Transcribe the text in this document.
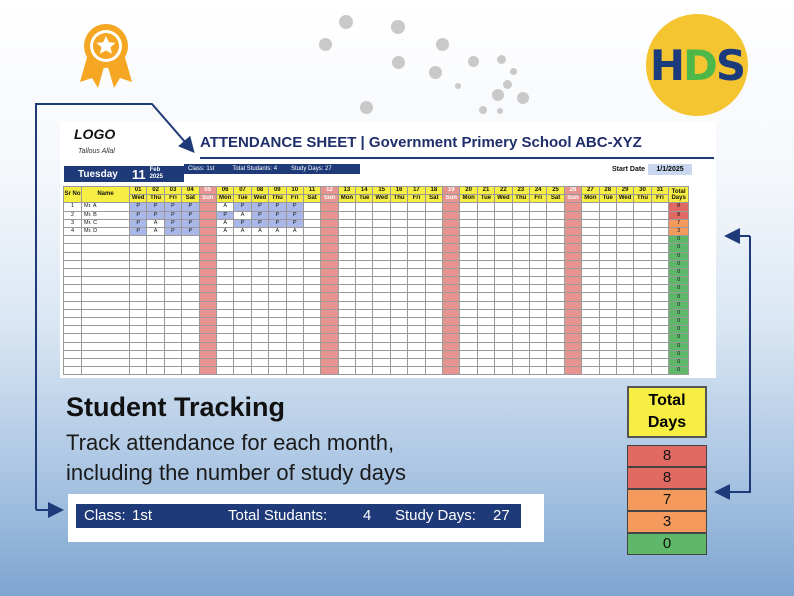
HDS
LOGO
Tallous Allal
ATTENDANCE SHEET | Government Primery School ABC-XYZ
Tuesday 11 Feb
2025
Class: 1st	Total Studants: 4 Study Days: 27	Start Date	1/1/2025
Sr No	Name	01	02	03	04	05	06	07	08	09	10	11	12	13	14	15	16	17	18	19	20	21	22	23	24	25	26	27	28	29	30	31	Total
Days
		Wed	Thu	Fri	Sat	Sun	Mon	Tue	Wed	Thu	Fri	Sat	Sun	Mon	Tue	Wed	Thu	Fri	Sat	Sun	Mon	Tue	Wed	Thu	Fri	Sat	Sun	Mon	Tue	Wed	Thu	Fri	
1	Mr. A	P	P	P	P		A	P	P	P	P																						8
2	Mr. B	P	P	P	P		P	A	P	P	P																						8
3	Mr. C	P	A	P	P		A	P	P	P	P																						7
4	Mr. D	P	A	P	P		A	A	A	A	A																						3
																																	0
																																	0
																																	0
																																	0
																																	0
																																	0
																																	0
																																	0
																																	0
																																	0
																																	0
																																	0
																																	0
																																	0
																																	0
																																	0
																																	0
Student Tracking
Track attendance for each month,
including the number of study days
Class: 1st	Total Studants: 4 Study Days: 27
Total
Days
8
8
7
3
0
